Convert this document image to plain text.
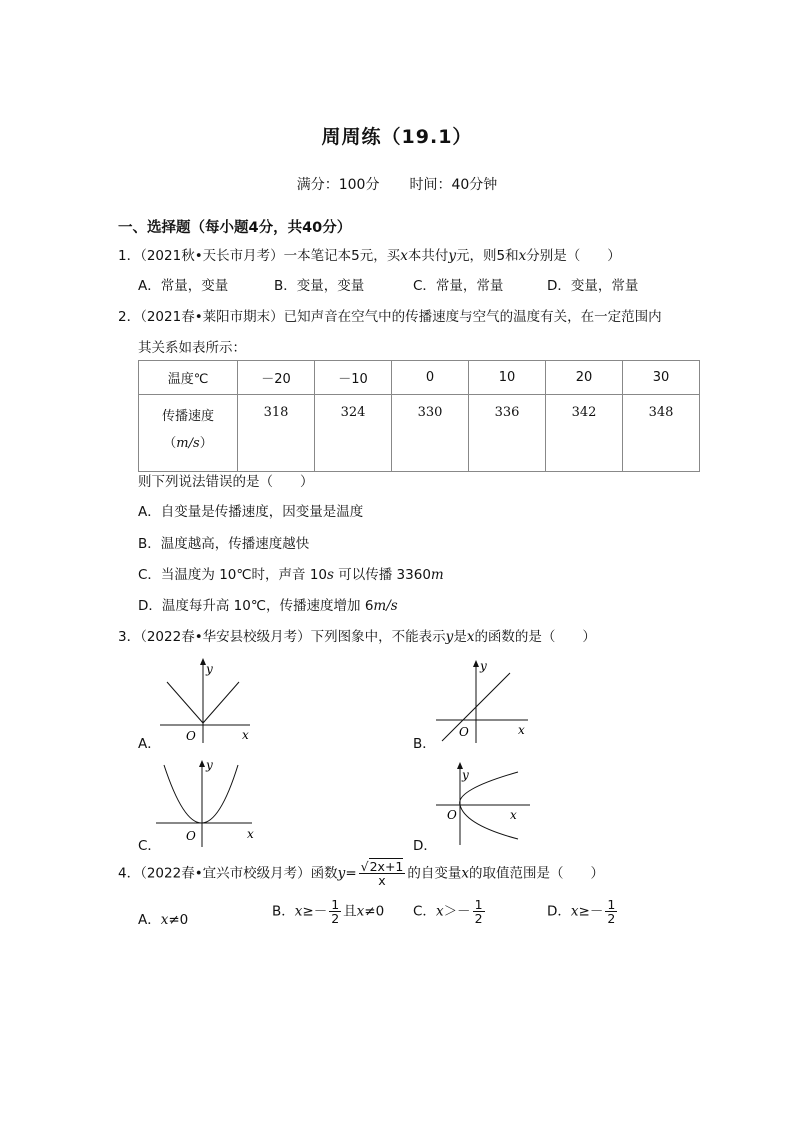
周周练（19.1）
满分：100分 时间：40分钟
一、选择题（每小题4分，共40分）
1．（2021秋•天长市月考）一本笔记本5元，买x本共付y元，则5和x分别是（　　）
A．常量，变量	B．变量，变量	C．常量，常量	D．变量，常量
2．（2021春•莱阳市期末）已知声音在空气中的传播速度与空气的温度有关，在一定范围内
其关系如表所示：
温度℃	－20	－10	0	10	20	30

传播速度
（m/s）	318	324	330	336	342	348
则下列说法错误的是（　　）
A．自变量是传播速度，因变量是温度
B．温度越高，传播速度越快
C．当温度为 10℃时，声音 10s 可以传播 3360m
D．温度每升高 10℃，传播速度增加 6m/s
3．（2022春•华安县校级月考）下列图象中，不能表示y是x的函数的是（　　）
A．
y
x
O	B．
y
x
O
C．
y
x
O
D．
y
x
O
4．（2022春•宜兴市校级月考）函数$y= \frac{√2x+1}{x}$ 的自变量x的取值范围是（　　）
A．x≠0
B．$x\ge- \frac{1}{2}$ 且x≠0 C．$x>- \frac{1}{2}$	D．$x\ge- \frac{1}{2}$
